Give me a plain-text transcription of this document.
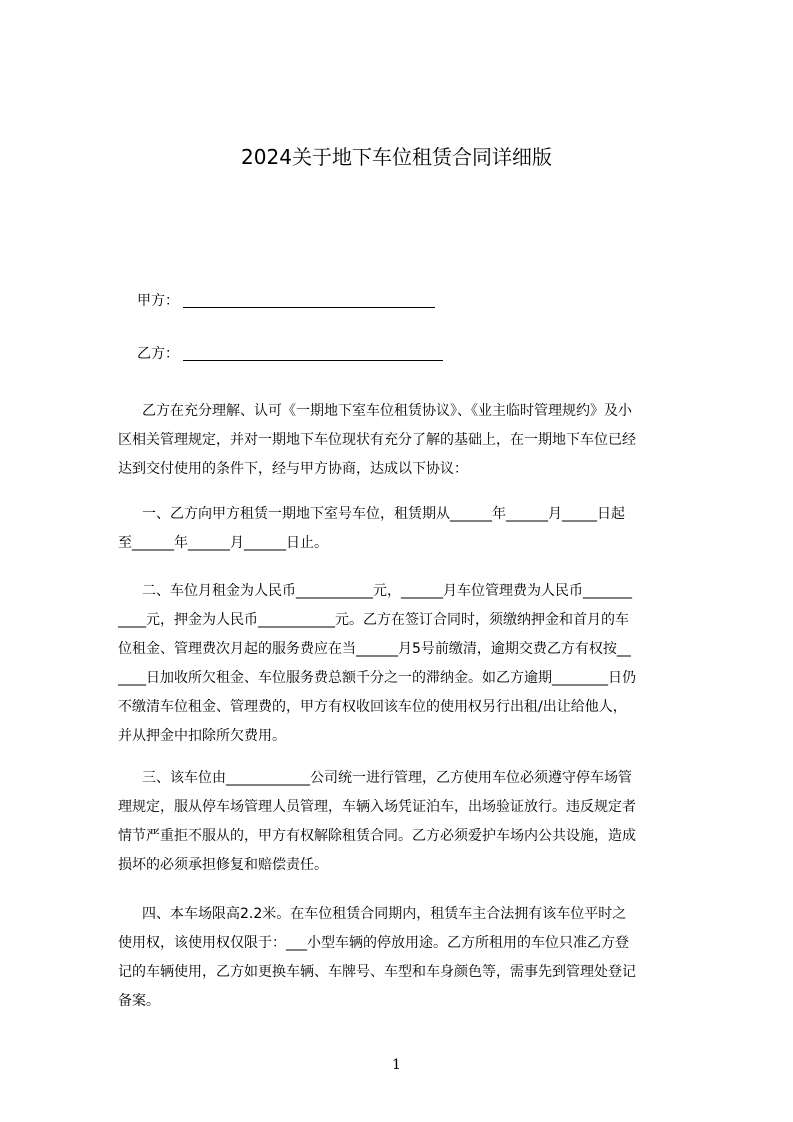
2024关于地下车位租赁合同详细版
甲方：
乙方：
乙方在充分理解、认可《一期地下室车位租赁协议》、《业主临时管理规约》及小
区相关管理规定，并对一期地下车位现状有充分了解的基础上，在一期地下车位已经
达到交付使用的条件下，经与甲方协商，达成以下协议：
一、乙方向甲方租赁一期地下室号车位，租赁期从______年______月_____日起
至______年______月______日止。
二、车位月租金为人民币___________元，______月车位管理费为人民币_______
____元，押金为人民币___________元。乙方在签订合同时，须缴纳押金和首月的车
位租金、管理费次月起的服务费应在当______月5号前缴清，逾期交费乙方有权按__
____日加收所欠租金、车位服务费总额千分之一的滞纳金。如乙方逾期________日仍
不缴清车位租金、管理费的，甲方有权收回该车位的使用权另行出租/出让给他人，
并从押金中扣除所欠费用。
三、该车位由____________公司统一进行管理，乙方使用车位必须遵守停车场管
理规定，服从停车场管理人员管理，车辆入场凭证泊车，出场验证放行。违反规定者
情节严重拒不服从的，甲方有权解除租赁合同。乙方必须爱护车场内公共设施，造成
损坏的必须承担修复和赔偿责任。
四、本车场限高2.2米。在车位租赁合同期内，租赁车主合法拥有该车位平时之
使用权，该使用权仅限于：___小型车辆的停放用途。乙方所租用的车位只准乙方登
记的车辆使用，乙方如更换车辆、车牌号、车型和车身颜色等，需事先到管理处登记
备案。
1
